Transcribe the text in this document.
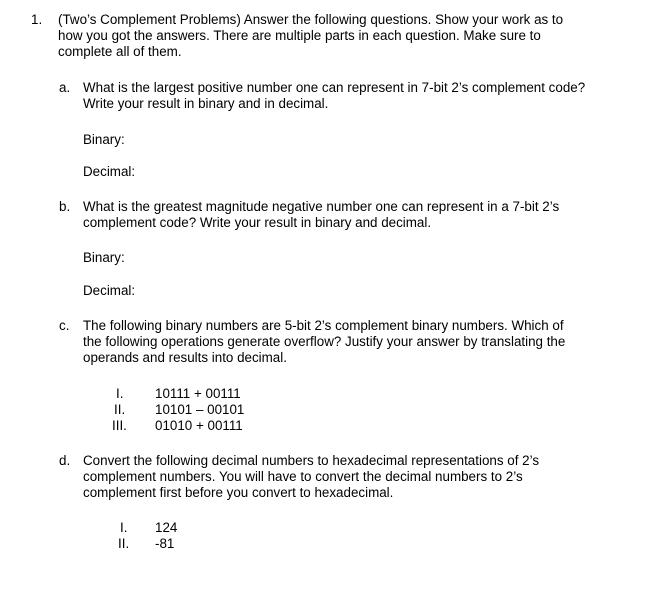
1. (Two’s Complement Problems) Answer the following questions. Show your work as to
how you got the answers. There are multiple parts in each question. Make sure to
complete all of them.
a. What is the largest positive number one can represent in 7-bit 2’s complement code?
Write your result in binary and in decimal.
Binary:
Decimal:
b. What is the greatest magnitude negative number one can represent in a 7-bit 2’s
complement code? Write your result in binary and decimal.
Binary:
Decimal:
c. The following binary numbers are 5-bit 2’s complement binary numbers. Which of
the following operations generate overflow? Justify your answer by translating the
operands and results into decimal.
I. 10111 + 00111
II. 10101 – 00101
III. 01010 + 00111
d. Convert the following decimal numbers to hexadecimal representations of 2’s
complement numbers. You will have to convert the decimal numbers to 2’s
complement first before you convert to hexadecimal.
I. 124
II. -81
